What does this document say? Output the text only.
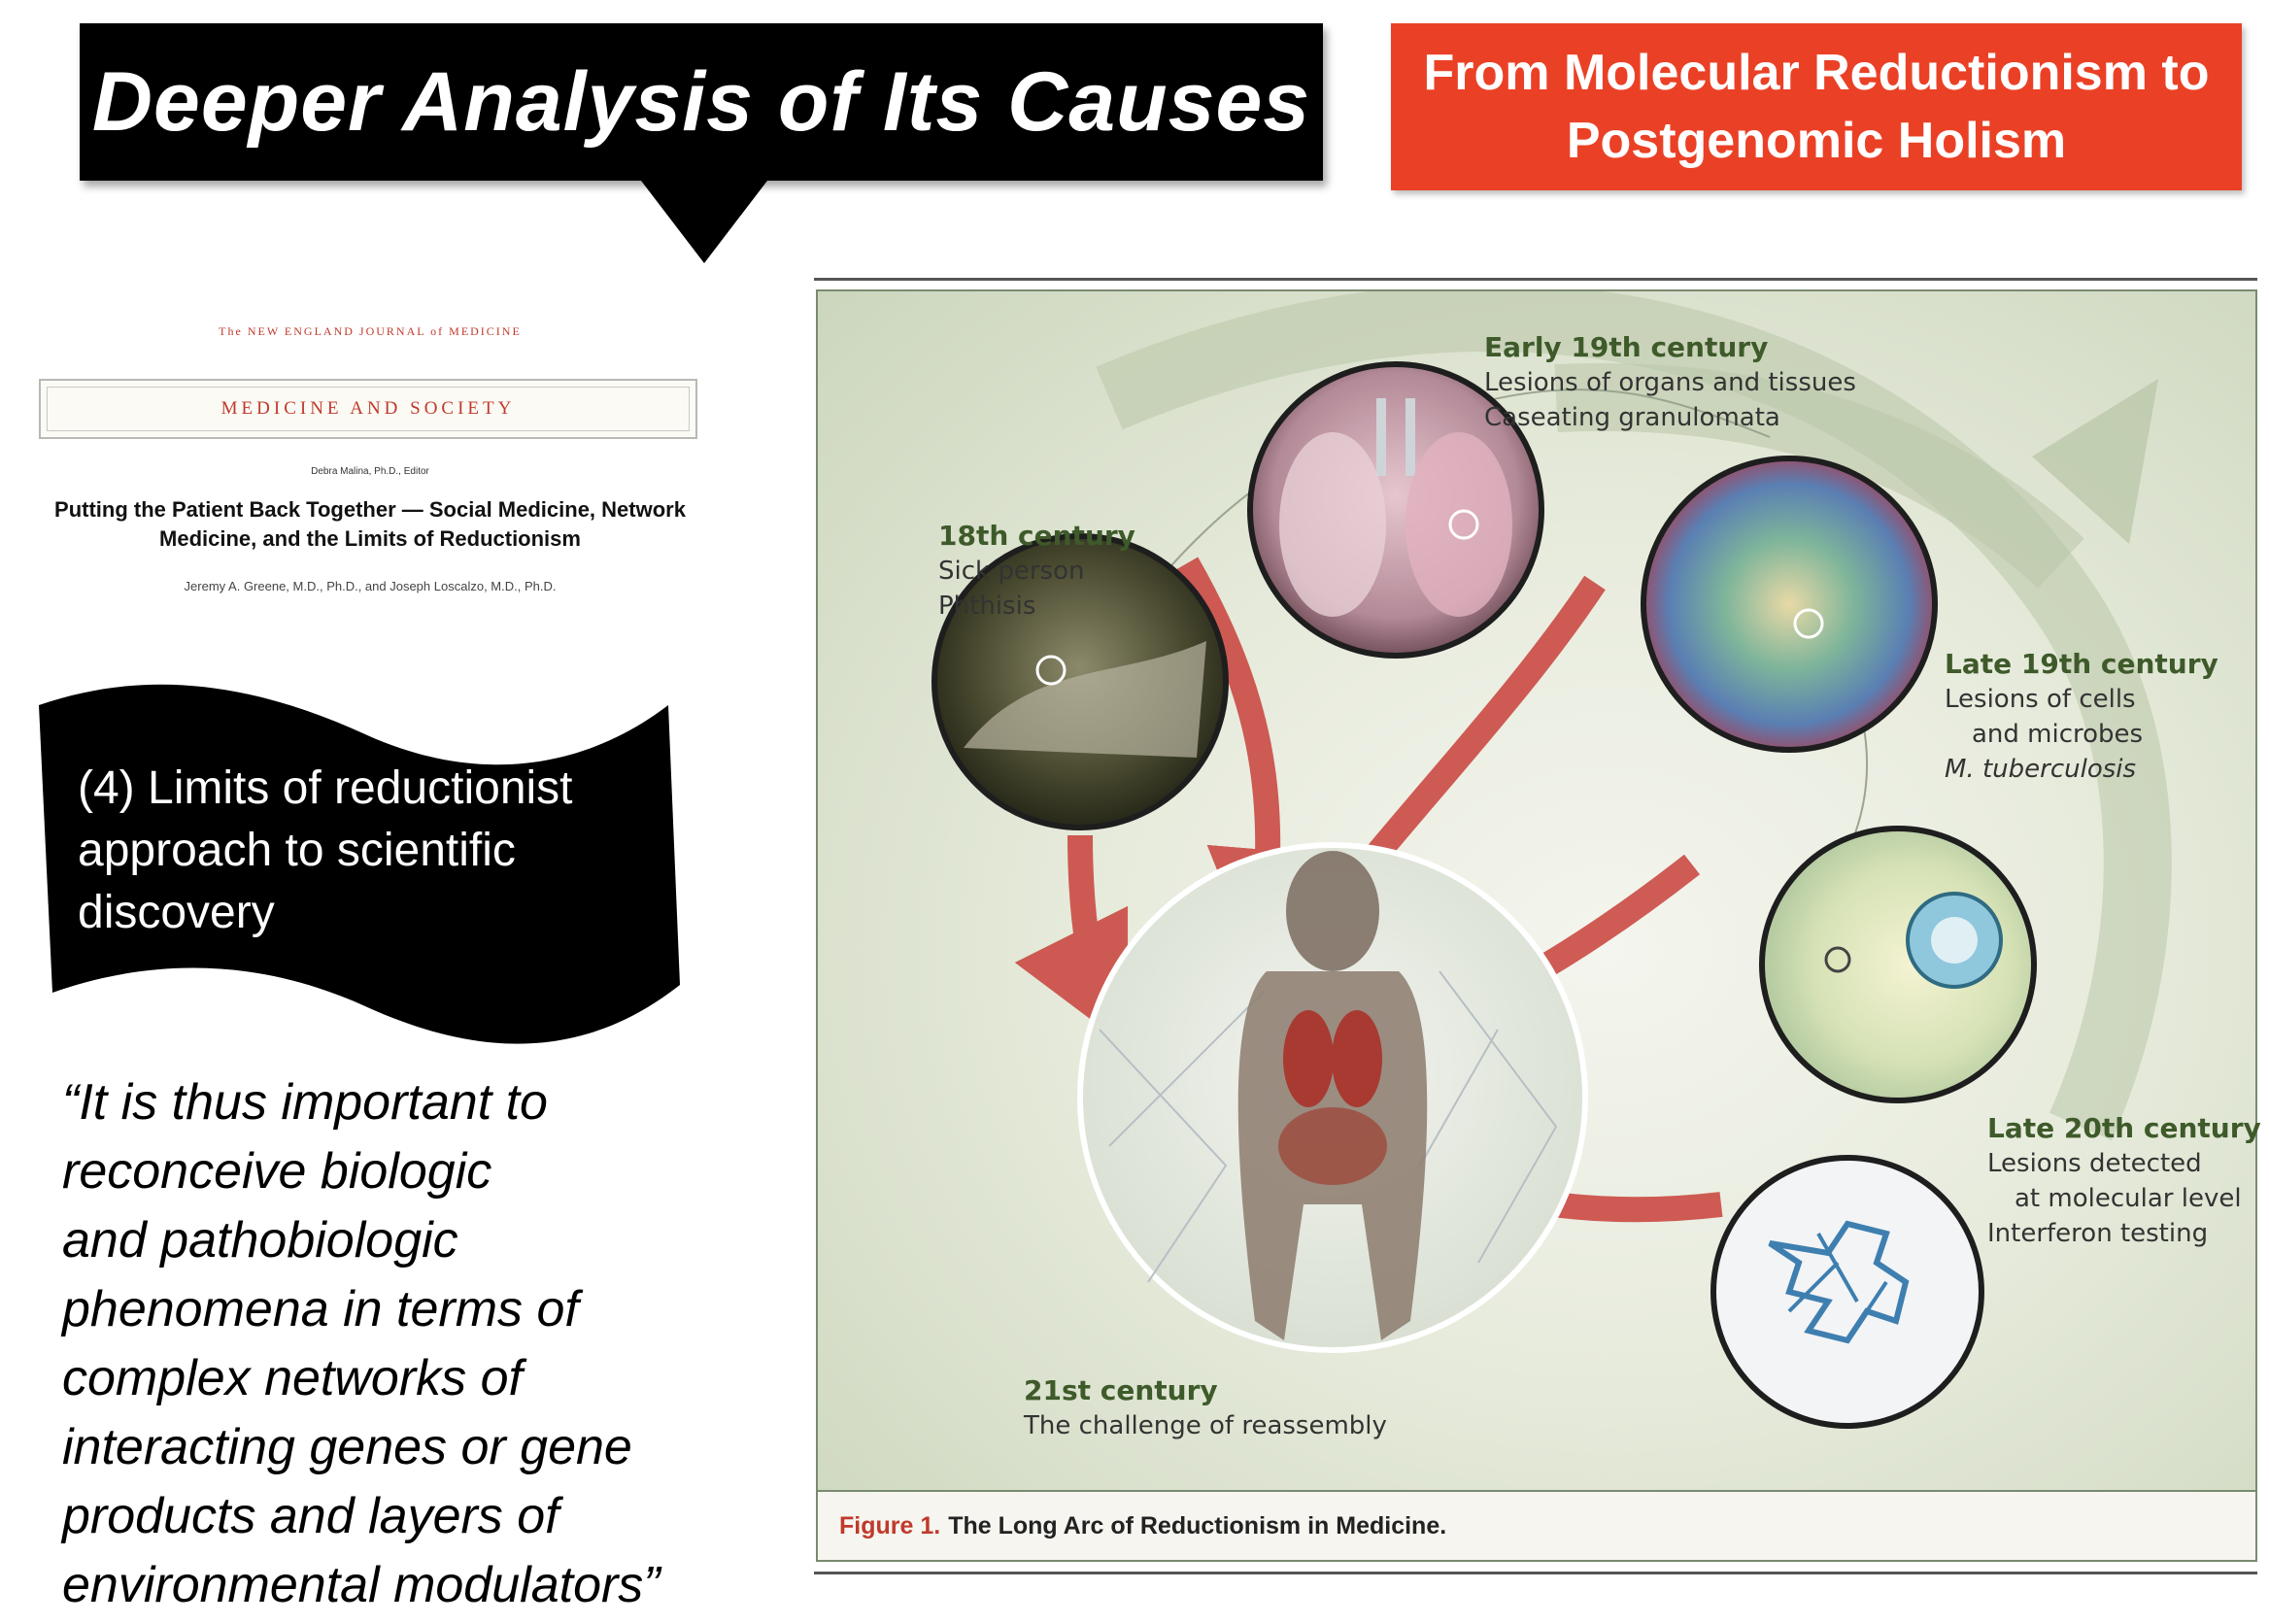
Deeper Analysis of Its Causes From Molecular Reductionism to
Postgenomic Holism
The NEW ENGLAND JOURNAL of MEDICINE
MEDICINE AND SOCIETY
Debra Malina, Ph.D., Editor
Putting the Patient Back Together — Social Medicine, Network
Medicine, and the Limits of Reductionism
Jeremy A. Greene, M.D., Ph.D., and Joseph Loscalzo, M.D., Ph.D.
(4) Limits of reductionist
approach to scientific
discovery
“It is thus important to
reconceive biologic
and pathobiologic
phenomena in terms of
complex networks of
interacting genes or gene
products and layers of
environmental modulators”
18th century
Sick person
Phthisis
Early 19th century
Lesions of organs and tissues
Caseating granulomata
Late 19th century
Lesions of cells
and microbes
M. tuberculosis
Late 20th century
Lesions detected
at molecular level
Interferon testing
21st century
The challenge of reassembly
Figure 1. The Long Arc of Reductionism in Medicine.
